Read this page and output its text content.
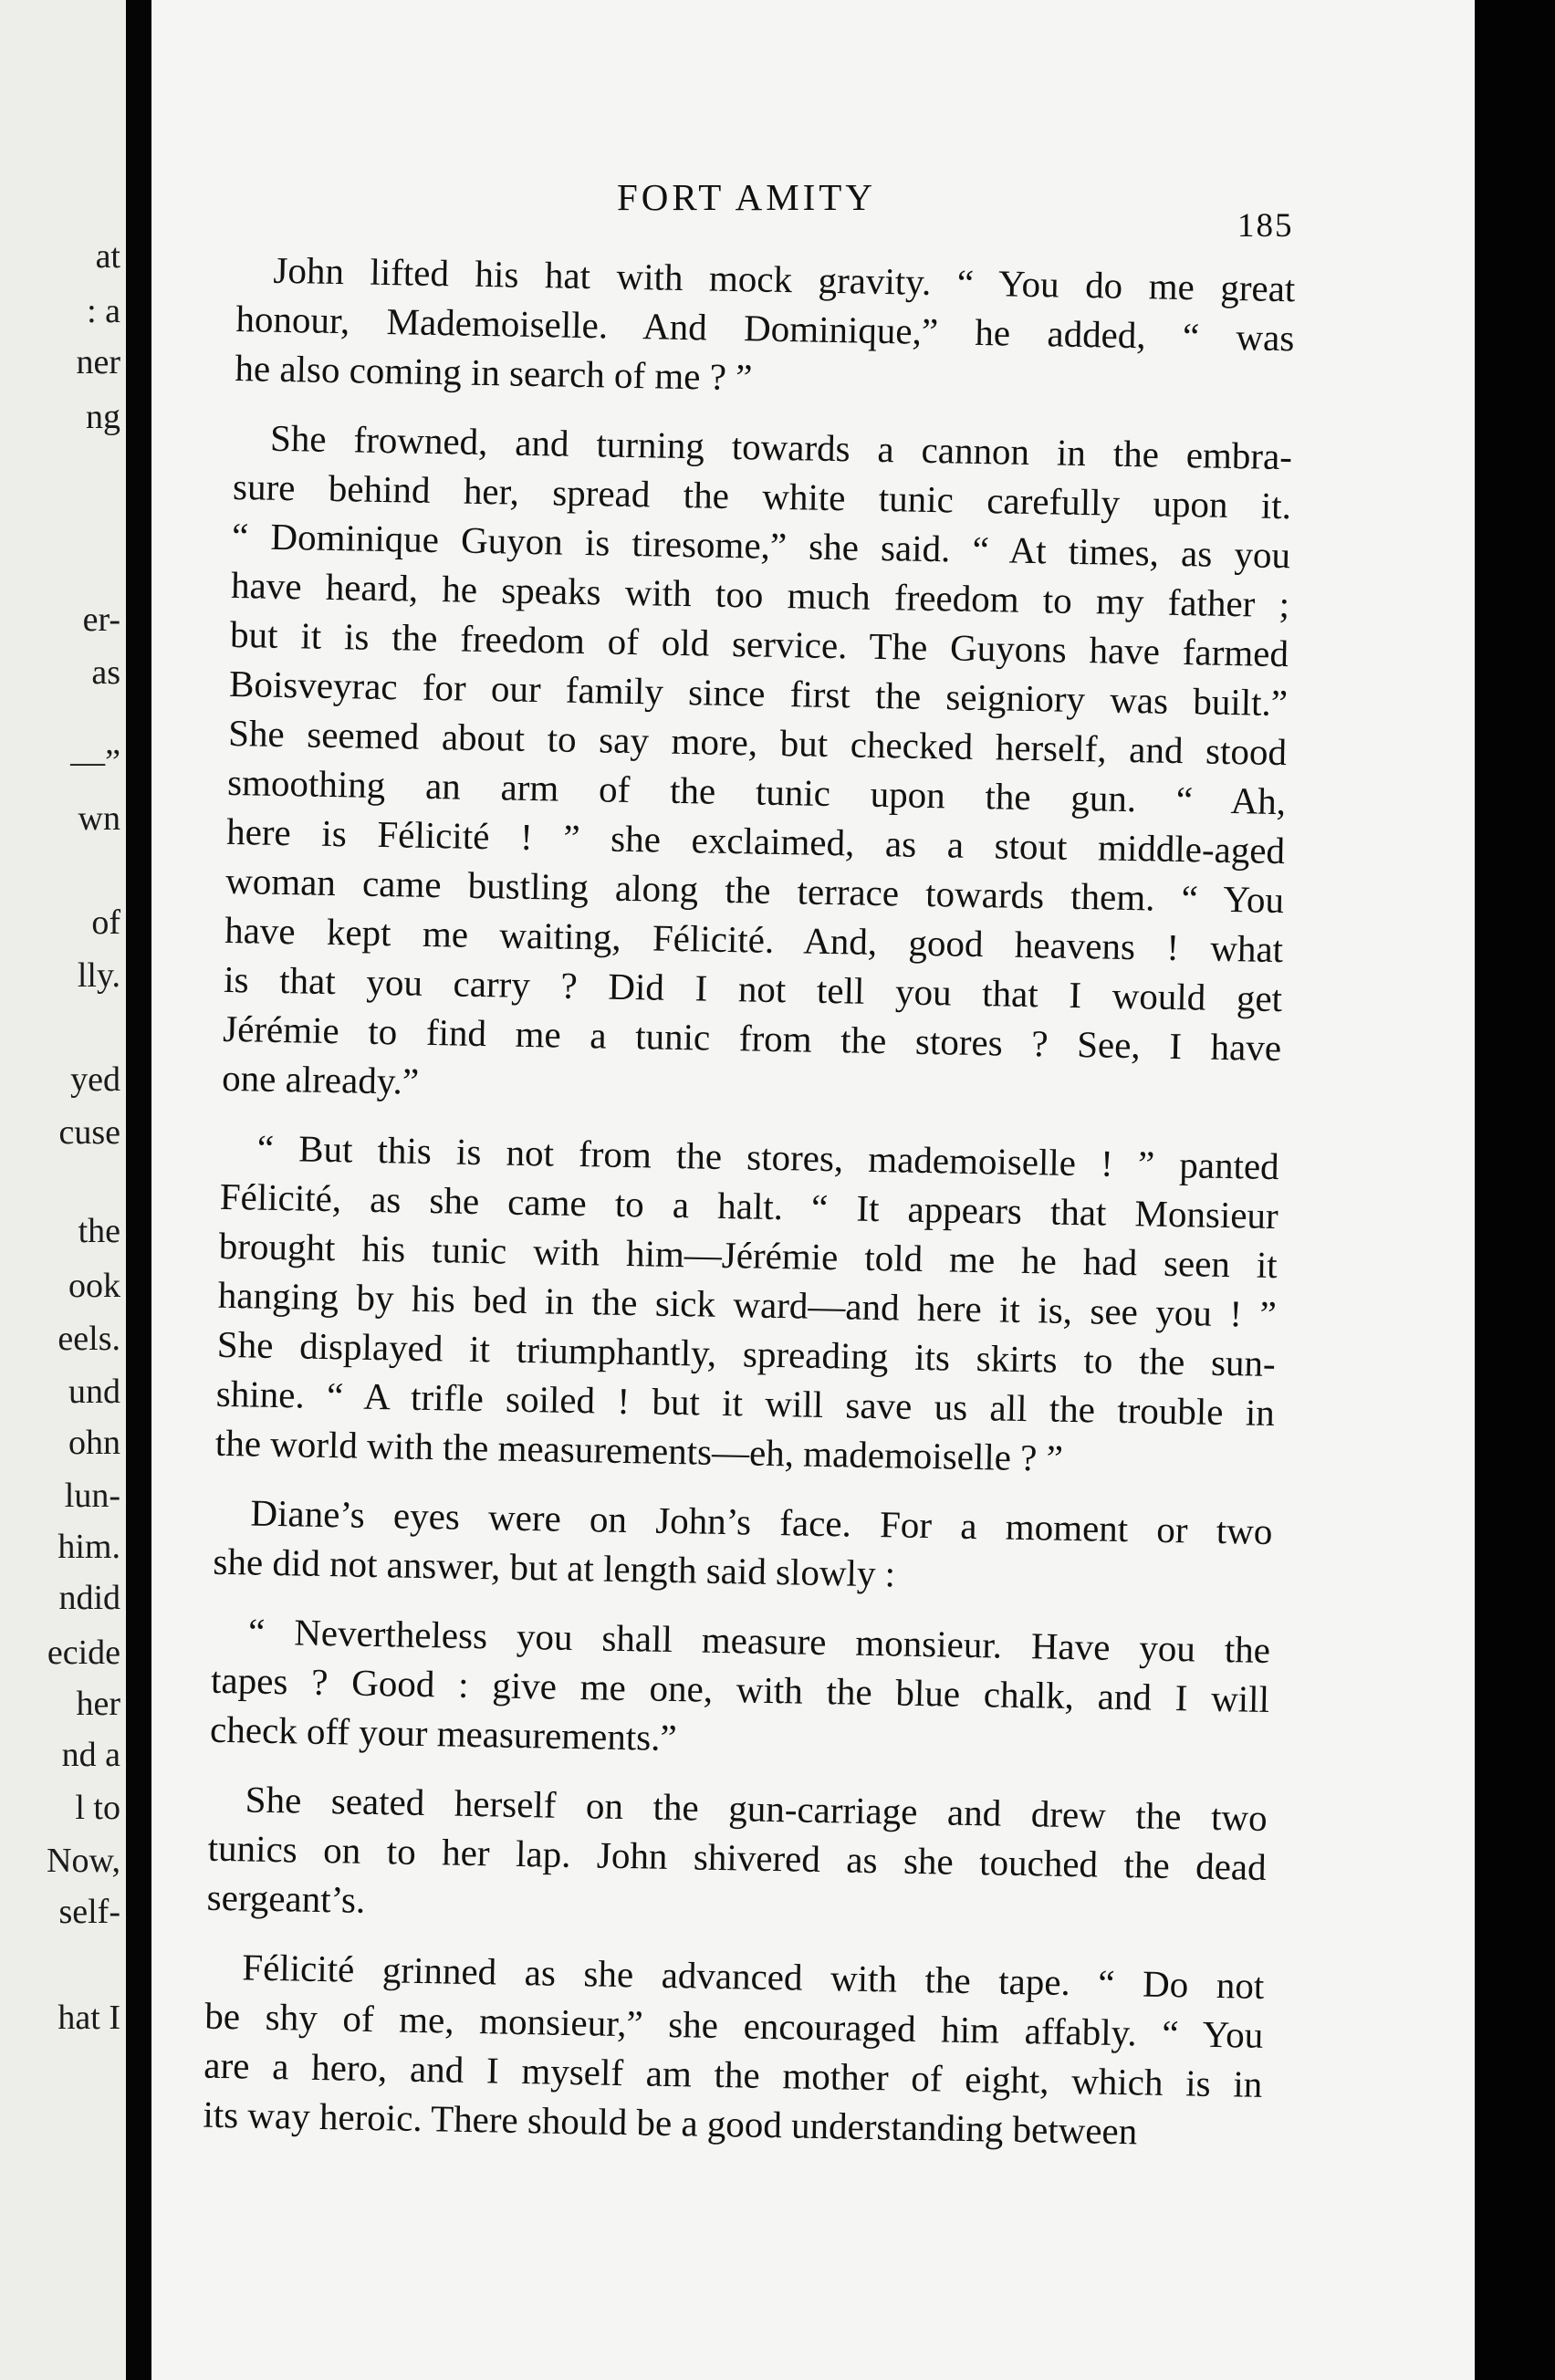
at
: a
ner
ng
er-
as
—”
wn
of
lly.
yed
cuse
the
ook
eels.
und
ohn
lun-
him.
ndid
ecide
her
nd a
l to
Now,
self-
hat I
FORT AMITY
185
John lifted his hat with mock gravity. “ You do me great
honour, Mademoiselle. And Dominique,” he added, “ was
he also coming in search of me ? ”
She frowned, and turning towards a cannon in the embra-
sure behind her, spread the white tunic carefully upon it.
“ Dominique Guyon is tiresome,” she said. “ At times, as you
have heard, he speaks with too much freedom to my father ;
but it is the freedom of old service. The Guyons have farmed
Boisveyrac for our family since first the seigniory was built.”
She seemed about to say more, but checked herself, and stood
smoothing an arm of the tunic upon the gun. “ Ah,
here is Félicité ! ” she exclaimed, as a stout middle-aged
woman came bustling along the terrace towards them. “ You
have kept me waiting, Félicité. And, good heavens ! what
is that you carry ? Did I not tell you that I would get
Jérémie to find me a tunic from the stores ? See, I have
one already.”
“ But this is not from the stores, mademoiselle ! ” panted
Félicité, as she came to a halt. “ It appears that Monsieur
brought his tunic with him—Jérémie told me he had seen it
hanging by his bed in the sick ward—and here it is, see you ! ”
She displayed it triumphantly, spreading its skirts to the sun-
shine. “ A trifle soiled ! but it will save us all the trouble in
the world with the measurements—eh, mademoiselle ? ”
Diane’s eyes were on John’s face. For a moment or two
she did not answer, but at length said slowly :
“ Nevertheless you shall measure monsieur. Have you the
tapes ? Good : give me one, with the blue chalk, and I will
check off your measurements.”
She seated herself on the gun-carriage and drew the two
tunics on to her lap. John shivered as she touched the dead
sergeant’s.
Félicité grinned as she advanced with the tape. “ Do not
be shy of me, monsieur,” she encouraged him affably. “ You
are a hero, and I myself am the mother of eight, which is in
its way heroic. There should be a good understanding between
